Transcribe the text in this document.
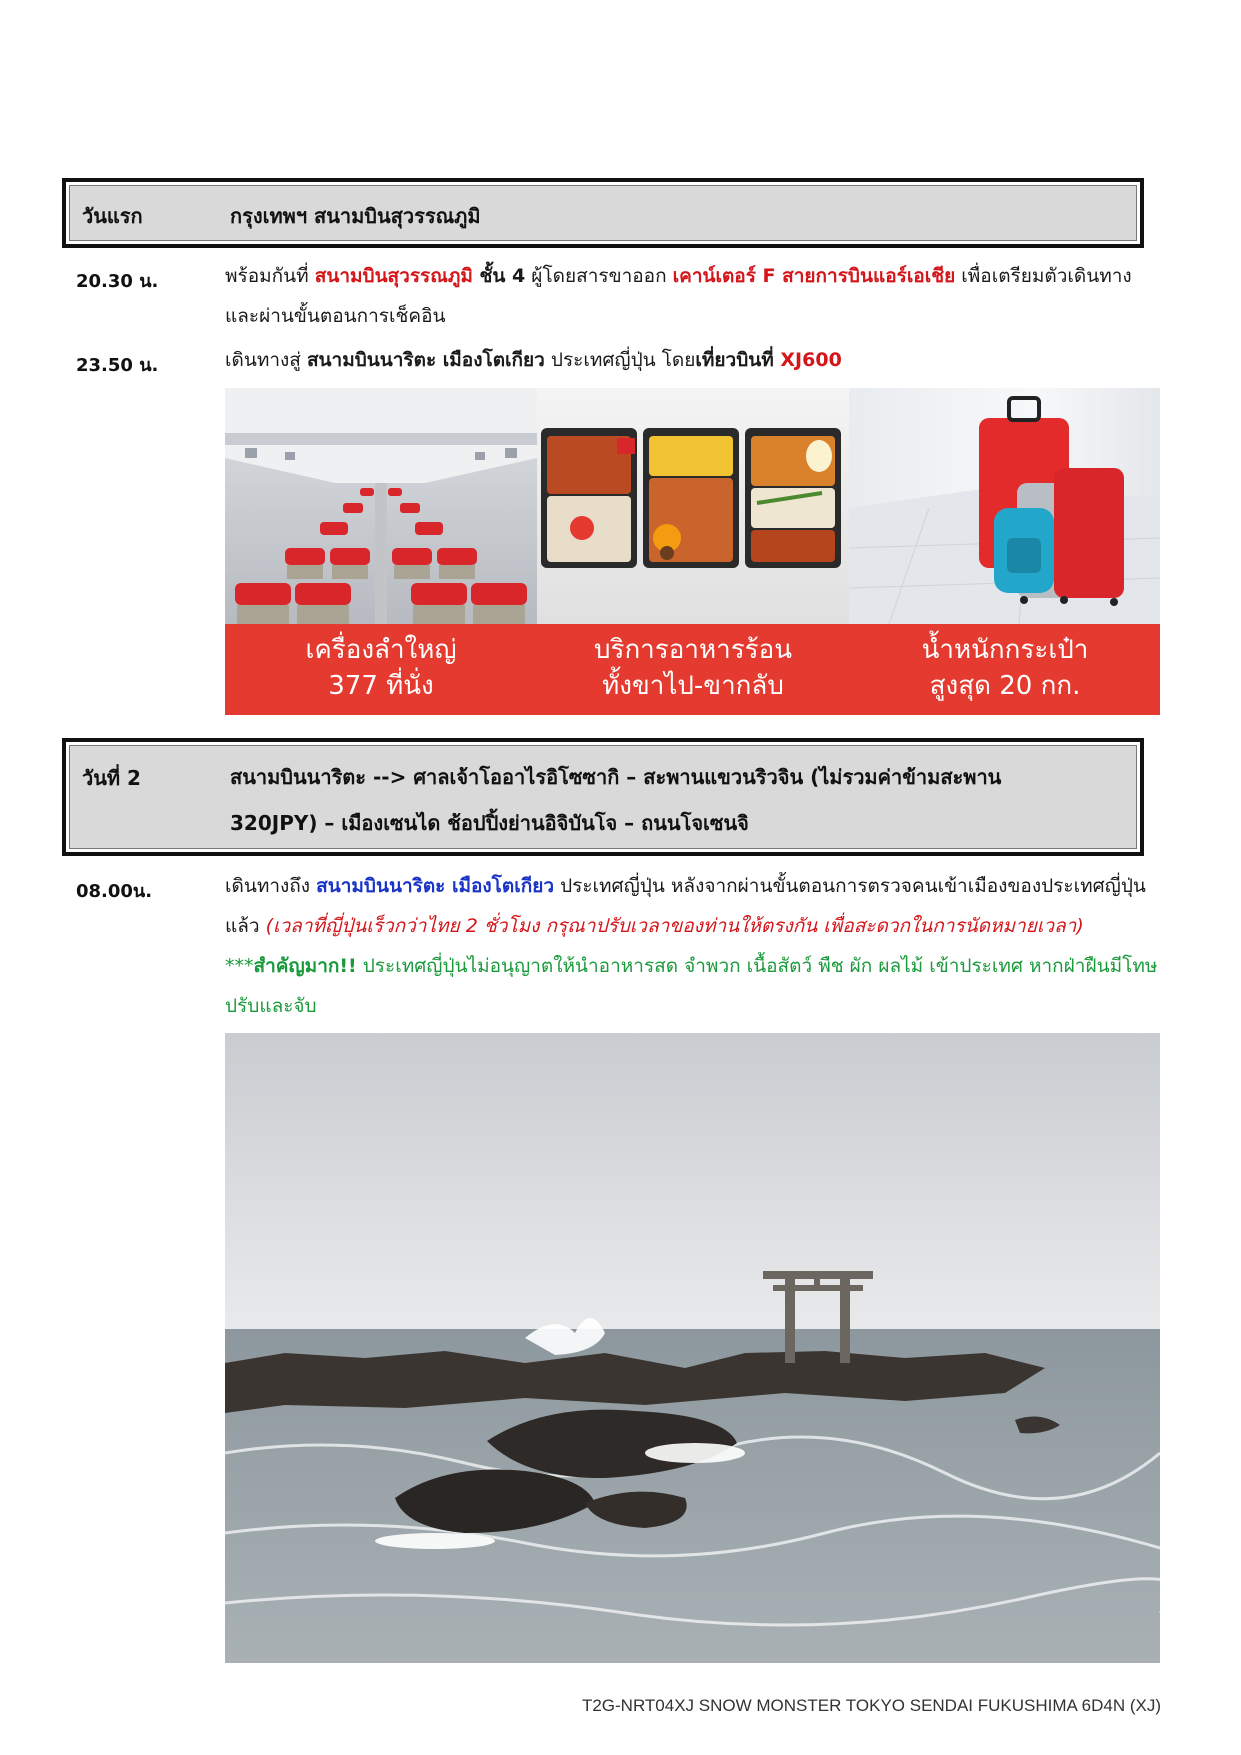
วันแรก	กรุงเทพฯ สนามบินสุวรรณภูมิ
20.30 น.	พร้อมกันที่ สนามบินสุวรรณภูมิ ชั้น 4 ผู้โดยสารขาออก เคาน์เตอร์ F สายการบินแอร์เอเชีย เพื่อเตรียมตัวเดินทาง และผ่านขั้นตอนการเช็คอิน
23.50 น.	เดินทางสู่ สนามบินนาริตะ เมืองโตเกียว ประเทศญี่ปุ่น โดยเที่ยวบินที่ XJ600
เครื่องลำใหญ่
377 ที่นั่ง
บริการอาหารร้อน
ทั้งขาไป-ขากลับ
น้ำหนักกระเป๋า
สูงสุด 20 กก.
วันที่ 2	สนามบินนาริตะ --> ศาลเจ้าโออาไรอิโซซากิ – สะพานแขวนริวจิน (ไม่รวมค่าข้ามสะพาน
320JPY) – เมืองเซนได ช้อปปิ้งย่านอิจิบันโจ – ถนนโจเซนจิ
08.00น.	เดินทางถึง สนามบินนาริตะ เมืองโตเกียว ประเทศญี่ปุ่น หลังจากผ่านขั้นตอนการตรวจคนเข้าเมืองของประเทศญี่ปุ่นแล้ว (เวลาที่ญี่ปุ่นเร็วกว่าไทย 2 ชั่วโมง กรุณาปรับเวลาของท่านให้ตรงกัน เพื่อสะดวกในการนัดหมายเวลา) ***สำคัญมาก!! ประเทศญี่ปุ่นไม่อนุญาตให้นำอาหารสด จำพวก เนื้อสัตว์ พืช ผัก ผลไม้ เข้าประเทศ หากฝ่าฝืนมีโทษปรับและจับ
T2G-NRT04XJ SNOW MONSTER TOKYO SENDAI FUKUSHIMA 6D4N (XJ)
